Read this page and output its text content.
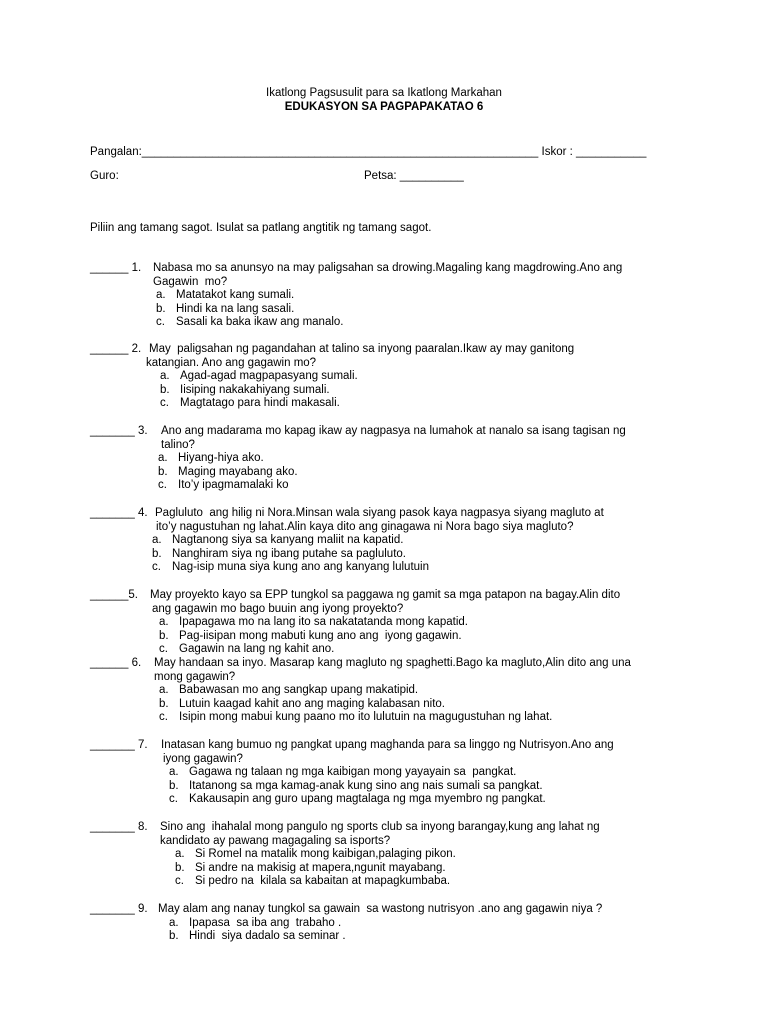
Ikatlong Pagsusulit para sa Ikatlong Markahan
EDUKASYON SA PAGPAPAKATAO 6
Pangalan:______________________________________________________________ Iskor : ___________
Guro:	Petsa: __________
Piliin ang tamang sagot. Isulat sa patlang angtitik ng tamang sagot.
______ 1. Nabasa mo sa anunsyo na may paligsahan sa drowing.Magaling kang magdrowing.Ano ang
Gagawin  mo?
a. Matatakot kang sumali.
b. Hindi ka na lang sasali.
c. Sasali ka baka ikaw ang manalo.
______ 2. May  paligsahan ng pagandahan at talino sa inyong paaralan.Ikaw ay may ganitong
katangian. Ano ang gagawin mo?
a. Agad-agad magpapasyang sumali.
b. Iisiping nakakahiyang sumali.
c. Magtatago para hindi makasali.
_______ 3. Ano ang madarama mo kapag ikaw ay nagpasya na lumahok at nanalo sa isang tagisan ng
talino?
a. Hiyang-hiya ako.
b. Maging mayabang ako.
c. Ito’y ipagmamalaki ko
_______ 4. Pagluluto  ang hilig ni Nora.Minsan wala siyang pasok kaya nagpasya siyang magluto at
ito’y nagustuhan ng lahat.Alin kaya dito ang ginagawa ni Nora bago siya magluto?
a. Nagtanong siya sa kanyang maliit na kapatid.
b. Nanghiram siya ng ibang putahe sa pagluluto.
c. Nag-isip muna siya kung ano ang kanyang lulutuin
______5. May proyekto kayo sa EPP tungkol sa paggawa ng gamit sa mga patapon na bagay.Alin dito
ang gagawin mo bago buuin ang iyong proyekto?
a. Ipapagawa mo na lang ito sa nakatatanda mong kapatid.
b. Pag-iisipan mong mabuti kung ano ang  iyong gagawin.
c. Gagawin na lang ng kahit ano.
______ 6. May handaan sa inyo. Masarap kang magluto ng spaghetti.Bago ka magluto,Alin dito ang una
mong gagawin?
a. Babawasan mo ang sangkap upang makatipid.
b. Lutuin kaagad kahit ano ang maging kalabasan nito.
c. Isipin mong mabui kung paano mo ito lulutuin na magugustuhan ng lahat.
_______ 7. Inatasan kang bumuo ng pangkat upang maghanda para sa linggo ng Nutrisyon.Ano ang
iyong gagawin?
a. Gagawa ng talaan ng mga kaibigan mong yayayain sa  pangkat.
b. Itatanong sa mga kamag-anak kung sino ang nais sumali sa pangkat.
c. Kakausapin ang guro upang magtalaga ng mga myembro ng pangkat.
_______ 8. Sino ang  ihahalal mong pangulo ng sports club sa inyong barangay,kung ang lahat ng
kandidato ay pawang magagaling sa isports?
a. Si Romel na matalik mong kaibigan,palaging pikon.
b. Si andre na makisig at mapera,ngunit mayabang.
c. Si pedro na  kilala sa kabaitan at mapagkumbaba.
_______ 9. May alam ang nanay tungkol sa gawain  sa wastong nutrisyon .ano ang gagawin niya ?
a. Ipapasa  sa iba ang  trabaho .
b. Hindi  siya dadalo sa seminar .
